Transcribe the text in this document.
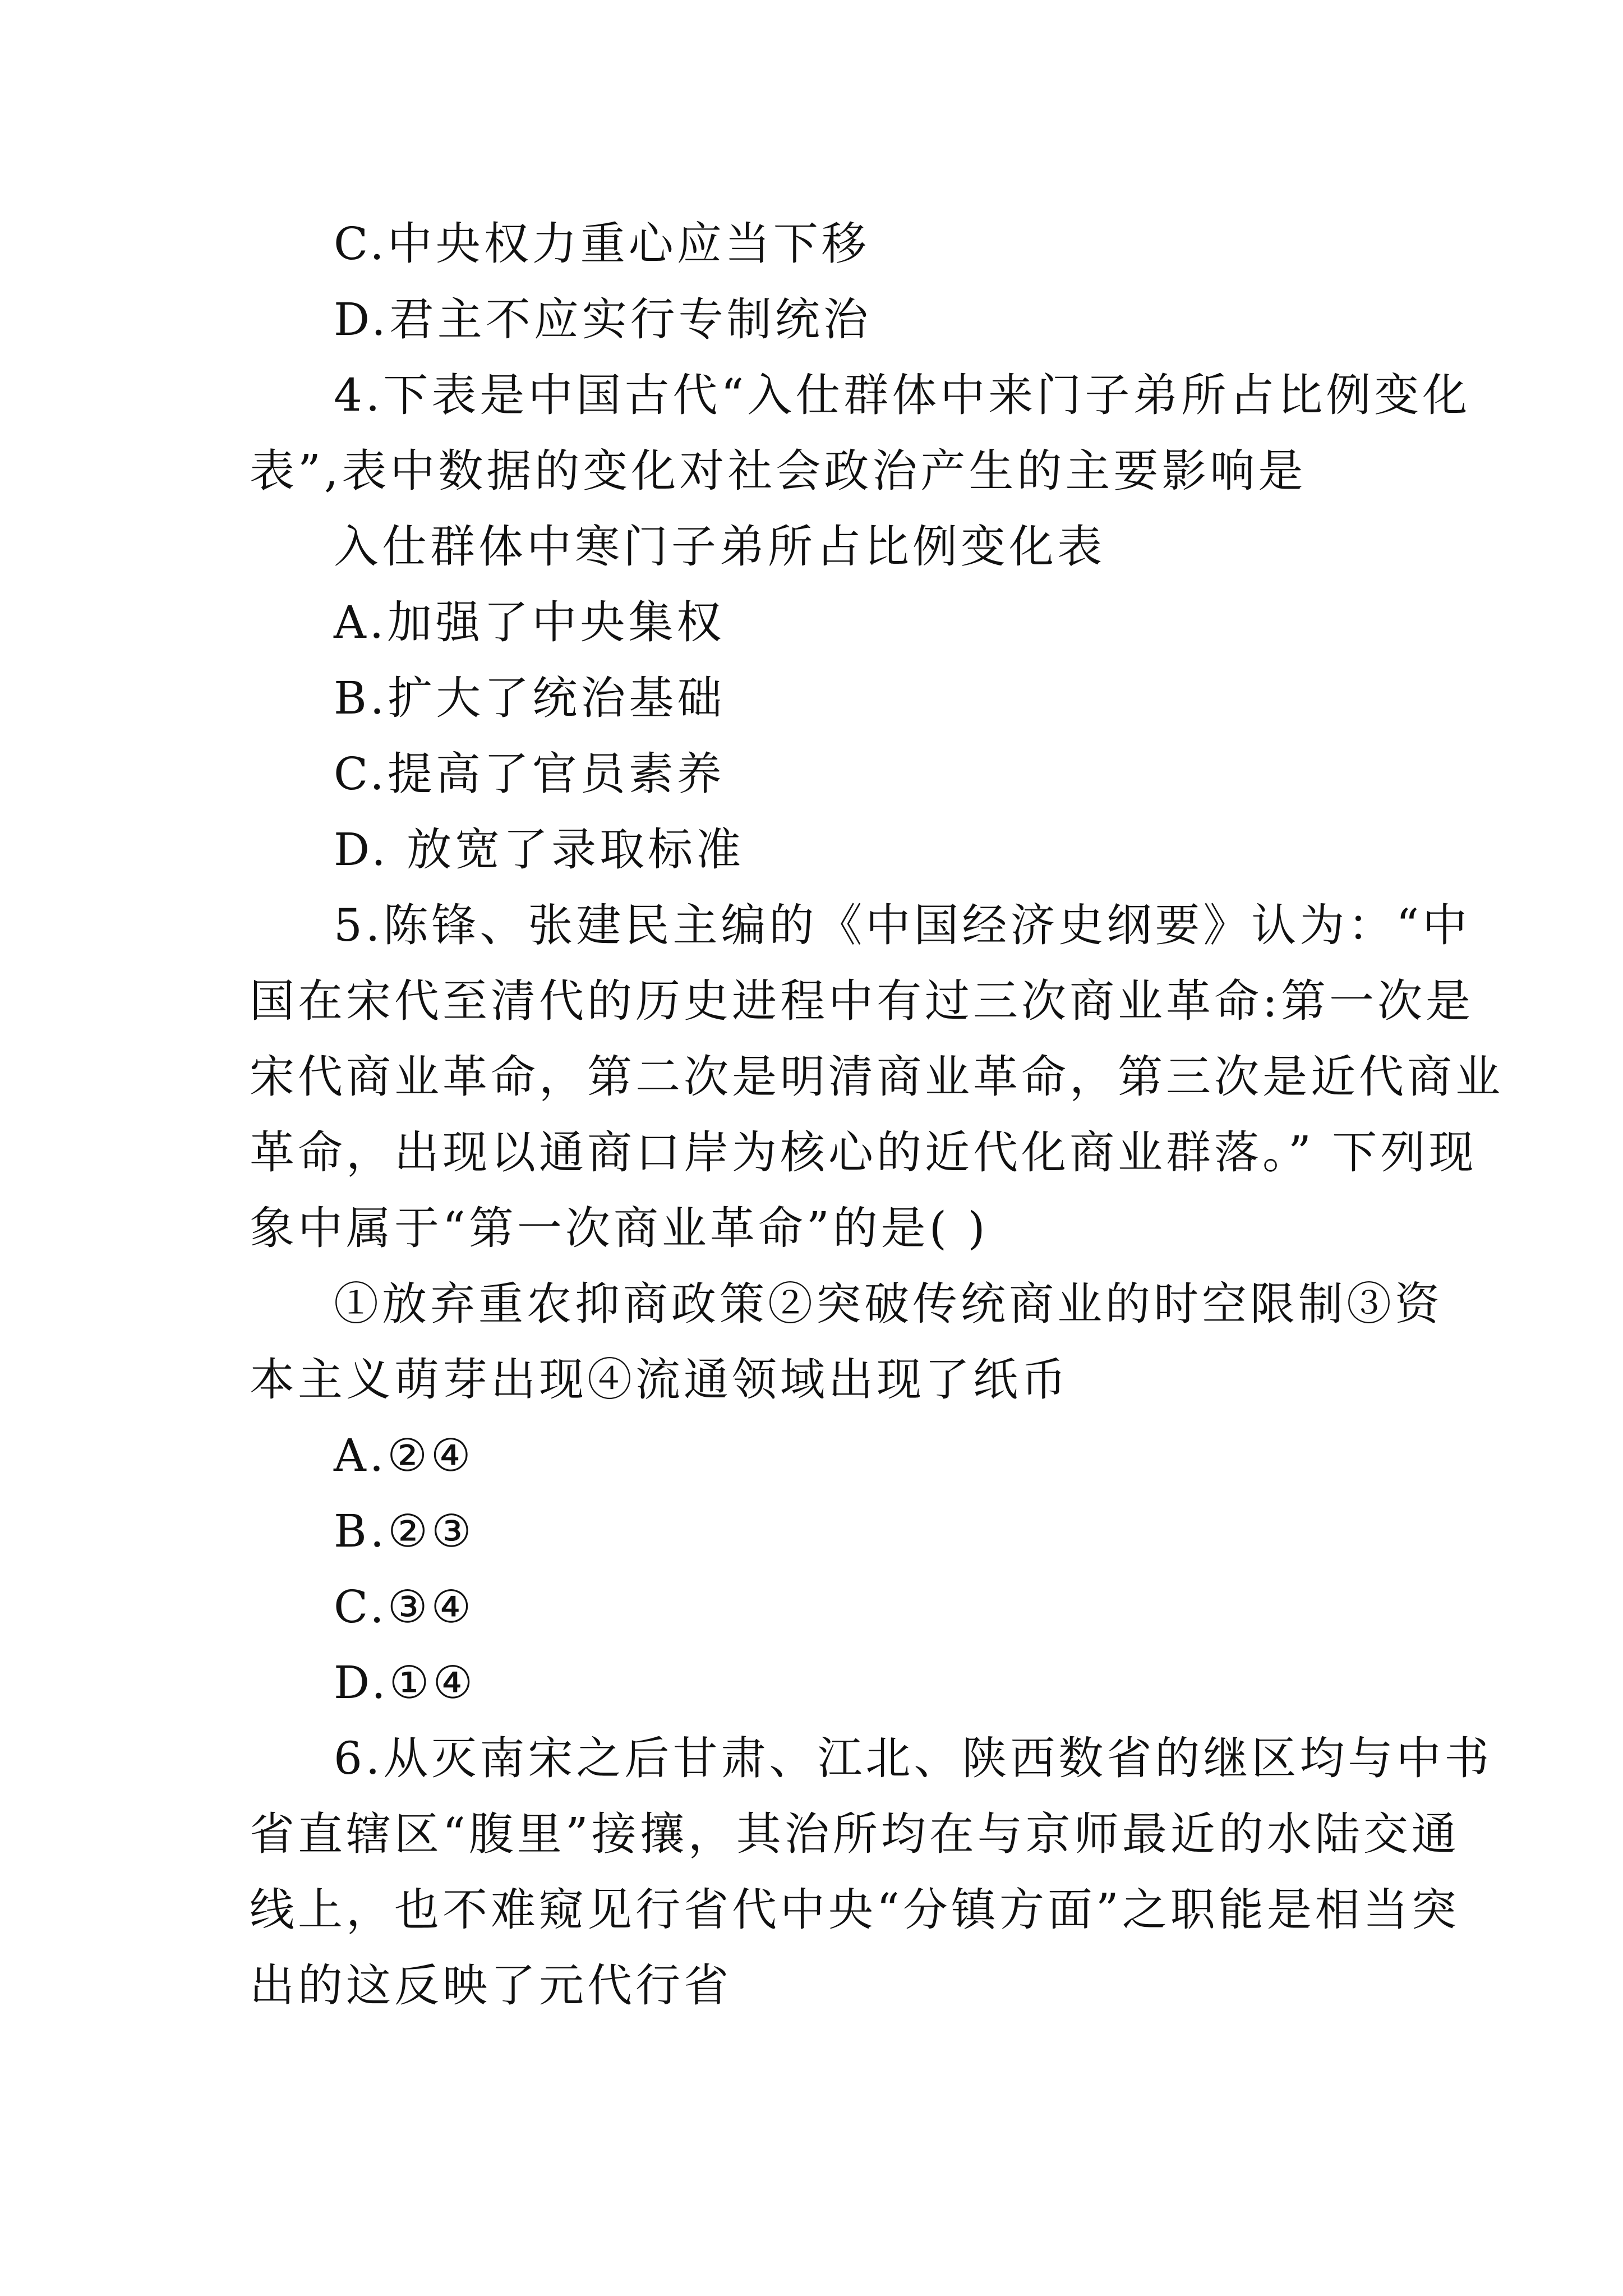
C.中央权力重心应当下移
D.君主不应实行专制统治
4.下表是中国古代“入仕群体中来门子弟所占比例变化
表”,表中数据的变化对社会政治产生的主要影响是
入仕群体中寒门子弟所占比例变化表
A.加强了中央集权
B.扩大了统治基础
C.提高了官员素养
D. 放宽了录取标准
5.陈锋、张建民主编的《中国经济史纲要》认为：“中
国在宋代至清代的历史进程中有过三次商业革命:第一次是
宋代商业革命，第二次是明清商业革命，第三次是近代商业
革命，出现以通商口岸为核心的近代化商业群落。” 下列现
象中属于“第一次商业革命”的是( )
①放弃重农抑商政策②突破传统商业的时空限制③资
本主义萌芽出现④流通领域出现了纸币
A.②④
B.②③
C.③④
D.①④
6.从灭南宋之后甘肃、江北、陕西数省的继区均与中书
省直辖区“腹里”接攘，其治所均在与京师最近的水陆交通
线上，也不难窥见行省代中央“分镇方面”之职能是相当突
出的这反映了元代行省
